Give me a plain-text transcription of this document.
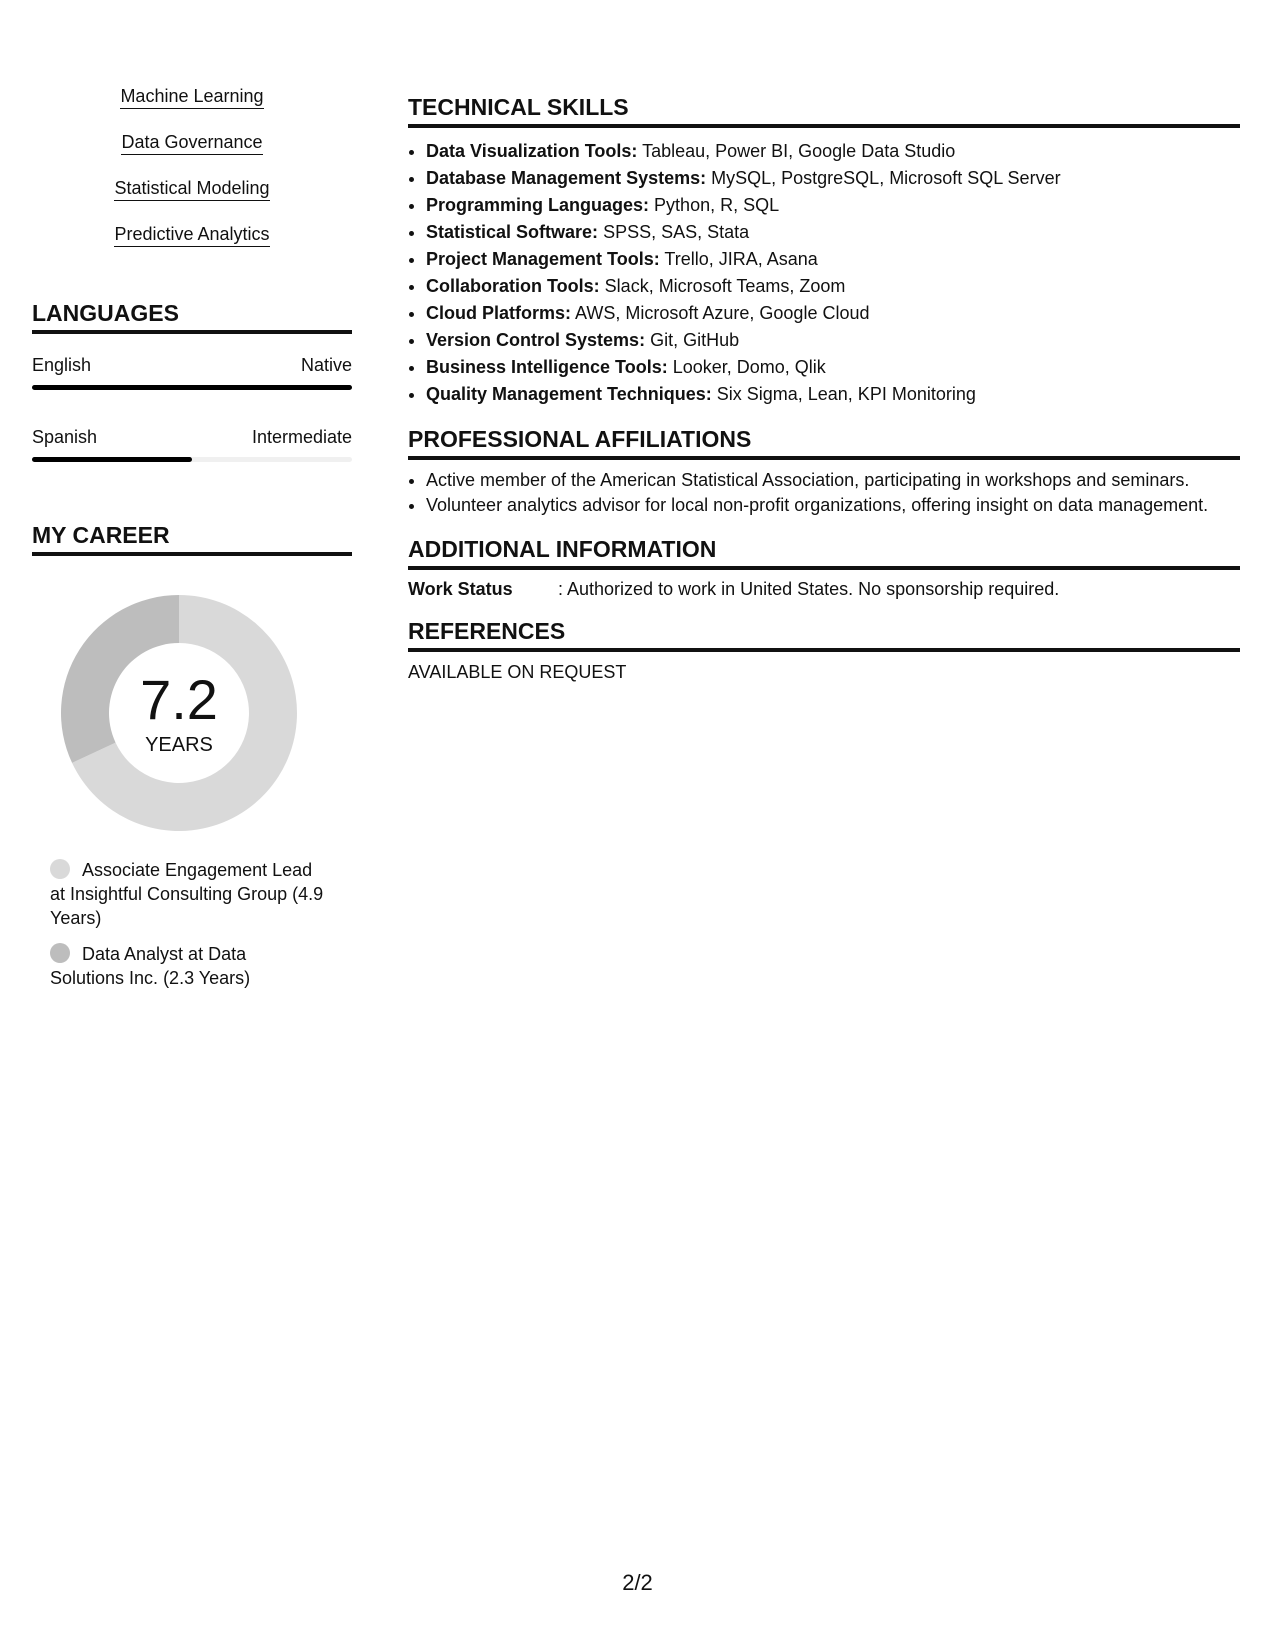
Machine Learning
Data Governance
Statistical Modeling
Predictive Analytics
LANGUAGES
English	Native
Spanish	Intermediate
MY CAREER
7.2
YEARS
Associate Engagement Lead at Insightful Consulting Group (4.9 Years)
Data Analyst at Data Solutions Inc. (2.3 Years)
TECHNICAL SKILLS
• Data Visualization Tools: Tableau, Power BI, Google Data Studio
• Database Management Systems: MySQL, PostgreSQL, Microsoft SQL Server
• Programming Languages: Python, R, SQL
• Statistical Software: SPSS, SAS, Stata
• Project Management Tools: Trello, JIRA, Asana
• Collaboration Tools: Slack, Microsoft Teams, Zoom
• Cloud Platforms: AWS, Microsoft Azure, Google Cloud
• Version Control Systems: Git, GitHub
• Business Intelligence Tools: Looker, Domo, Qlik
• Quality Management Techniques: Six Sigma, Lean, KPI Monitoring
PROFESSIONAL AFFILIATIONS
• Active member of the American Statistical Association, participating in workshops and seminars.
• Volunteer analytics advisor for local non-profit organizations, offering insight on data management.
ADDITIONAL INFORMATION
Work Status	: Authorized to work in United States. No sponsorship required.
REFERENCES
AVAILABLE ON REQUEST
2/2
